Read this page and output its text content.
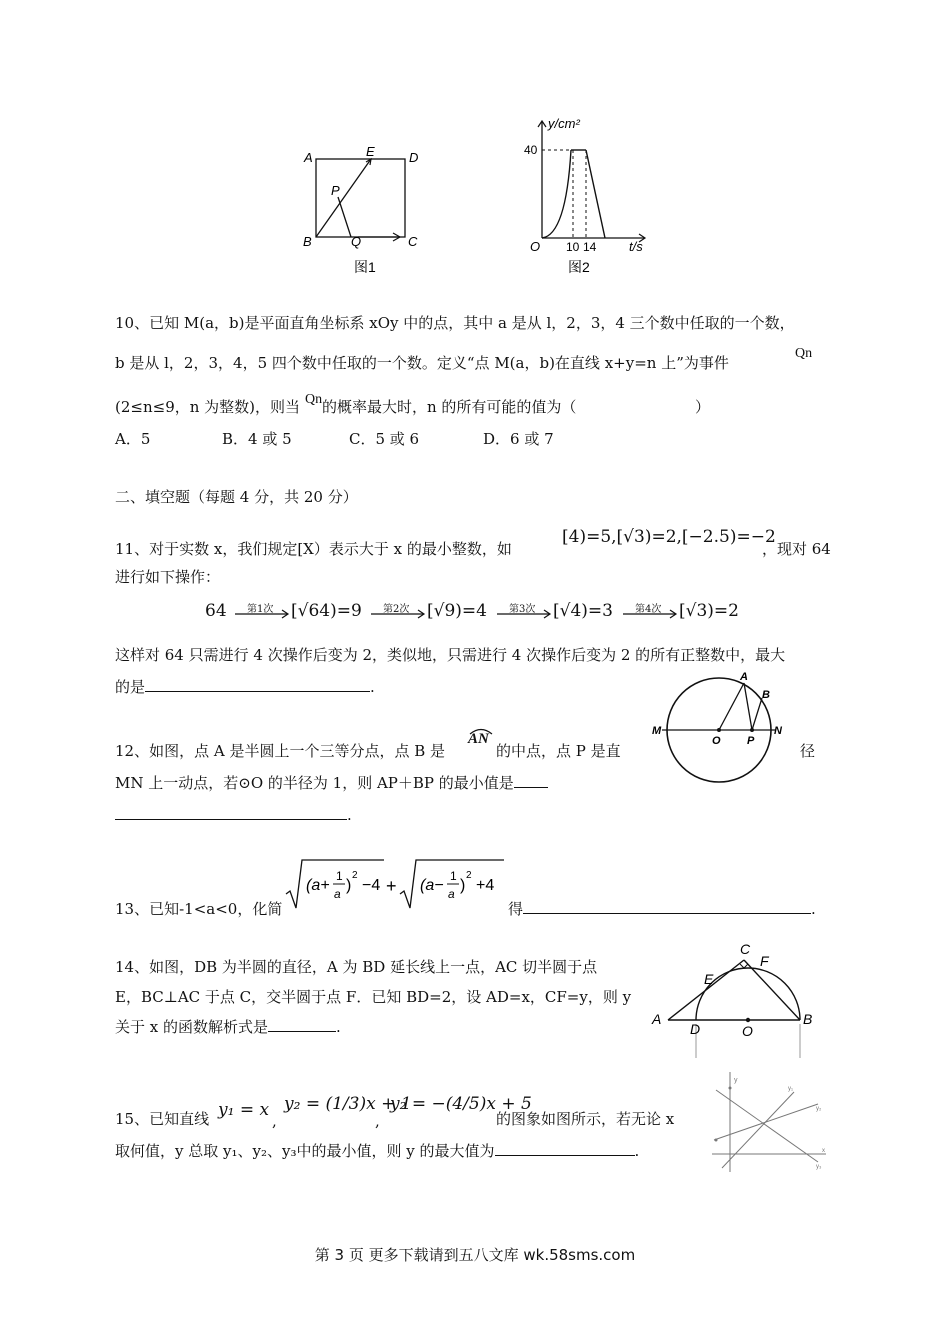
A	E	D
P
B	Q	C
图1
y/cm²
40
O 10 14	t/s
图2
10、已知 M(a，b)是平面直角坐标系 xOy 中的点，其中 a 是从 l，2，3，4 三个数中任取的一个数，
b 是从 l，2，3，4，5 四个数中任取的一个数。定义“点 M(a，b)在直线 x+y=n 上”为事件
Qn
(2≤n≤9，n 为整数)，则当 Qn 的概率最大时，n 的所有可能的值为（	）
A．5	B．4 或 5	C．5 或 6	D．6 或 7
二、填空题（每题 4 分，共 20 分）
11、对于实数 x，我们规定[X）表示大于 x 的最小整数，如
[4)=5,[√3)=2,[−2.5)=−2
，现对 64
进行如下操作：
64 第1次 [√64)=9 第2次 [√9)=4 第3次 [√4)=3 第4次 [√3)=2
这样对 64 只需进行 4 次操作后变为 2，类似地，只需进行 4 次操作后变为 2 的所有正整数中，最大
的是	.
M
O P
N
A
B
12、如图，点 A 是半圆上一个三等分点，点 B 是
AN
的中点，点 P 是直	径
MN 上一动点，若⊙O 的半径为 1，则 AP＋BP 的最小值是
.
13、已知-1<a<0，化简
(a+
1
a )
2
−4 + (a−
1
a )
2
+4
得	.
14、如图，DB 为半圆的直径，A 为 BD 延长线上一点，AC 切半圆于点
E，BC⊥AC 于点 C，交半圆于点 F．已知 BD=2，设 AD=x，CF=y，则 y
关于 x 的函数解析式是	.	A
D	O
B
E
C
F
15、已知直线 y₁ = x
,
y₂ = (1/3)x + 1
,
y₂ = −(4/5)x + 5
的图象如图所示，若无论 x
取何值，y 总取 y₁、y₂、y₃中的最小值，则 y 的最大值为	.
y
y₁
y₂
x
y₃
第 3 页 更多下载请到五八文库 wk.58sms.com
